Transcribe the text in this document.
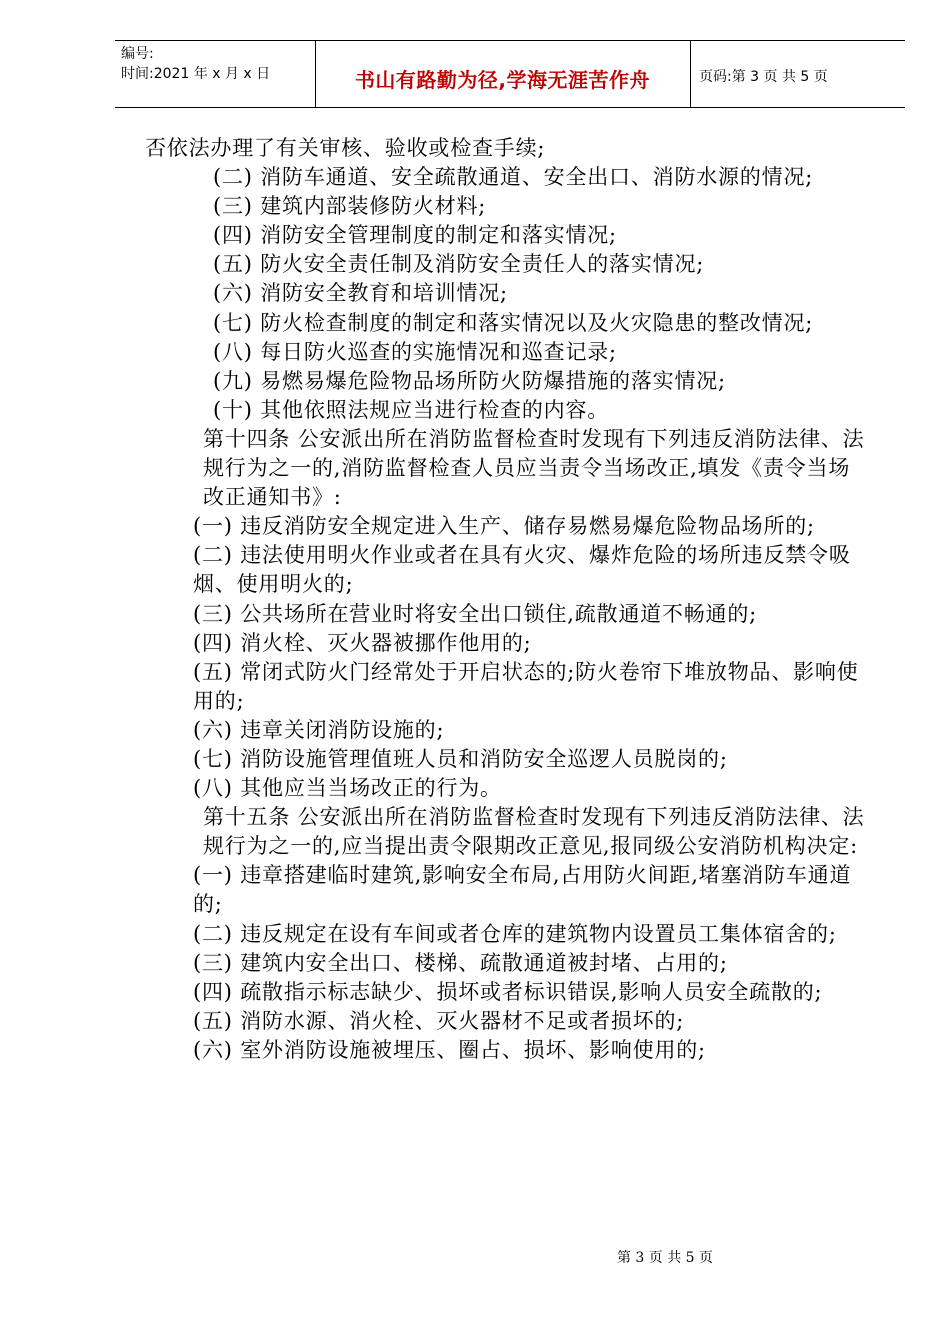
编号:
时间:2021 年 x 月 x 日	书山有路勤为径,学海无涯苦作舟	页码:第 3 页 共 5 页

否依法办理了有关审核、验收或检查手续;

(二) 消防车通道、安全疏散通道、安全出口、消防水源的情况;

(三) 建筑内部装修防火材料;

(四) 消防安全管理制度的制定和落实情况;

(五) 防火安全责任制及消防安全责任人的落实情况;

(六) 消防安全教育和培训情况;

(七) 防火检查制度的制定和落实情况以及火灾隐患的整改情况;

(八) 每日防火巡查的实施情况和巡查记录;

(九) 易燃易爆危险物品场所防火防爆措施的落实情况;

(十) 其他依照法规应当进行检查的内容。

第十四条 公安派出所在消防监督检查时发现有下列违反消防法律、法规行为之一的,消防监督检查人员应当责令当场改正,填发《责令当场改正通知书》:

(一) 违反消防安全规定进入生产、储存易燃易爆危险物品场所的;

(二) 违法使用明火作业或者在具有火灾、爆炸危险的场所违反禁令吸烟、使用明火的;

(三) 公共场所在营业时将安全出口锁住,疏散通道不畅通的;

(四) 消火栓、灭火器被挪作他用的;

(五) 常闭式防火门经常处于开启状态的;防火卷帘下堆放物品、影响使用的;

(六) 违章关闭消防设施的;

(七) 消防设施管理值班人员和消防安全巡逻人员脱岗的;

(八) 其他应当当场改正的行为。

第十五条 公安派出所在消防监督检查时发现有下列违反消防法律、法规行为之一的,应当提出责令限期改正意见,报同级公安消防机构决定:

(一) 违章搭建临时建筑,影响安全布局,占用防火间距,堵塞消防车通道的;

(二) 违反规定在设有车间或者仓库的建筑物内设置员工集体宿舍的;

(三) 建筑内安全出口、楼梯、疏散通道被封堵、占用的;

(四) 疏散指示标志缺少、损坏或者标识错误,影响人员安全疏散的;

(五) 消防水源、消火栓、灭火器材不足或者损坏的;

(六) 室外消防设施被埋压、圈占、损坏、影响使用的;

第 3 页 共 5 页
